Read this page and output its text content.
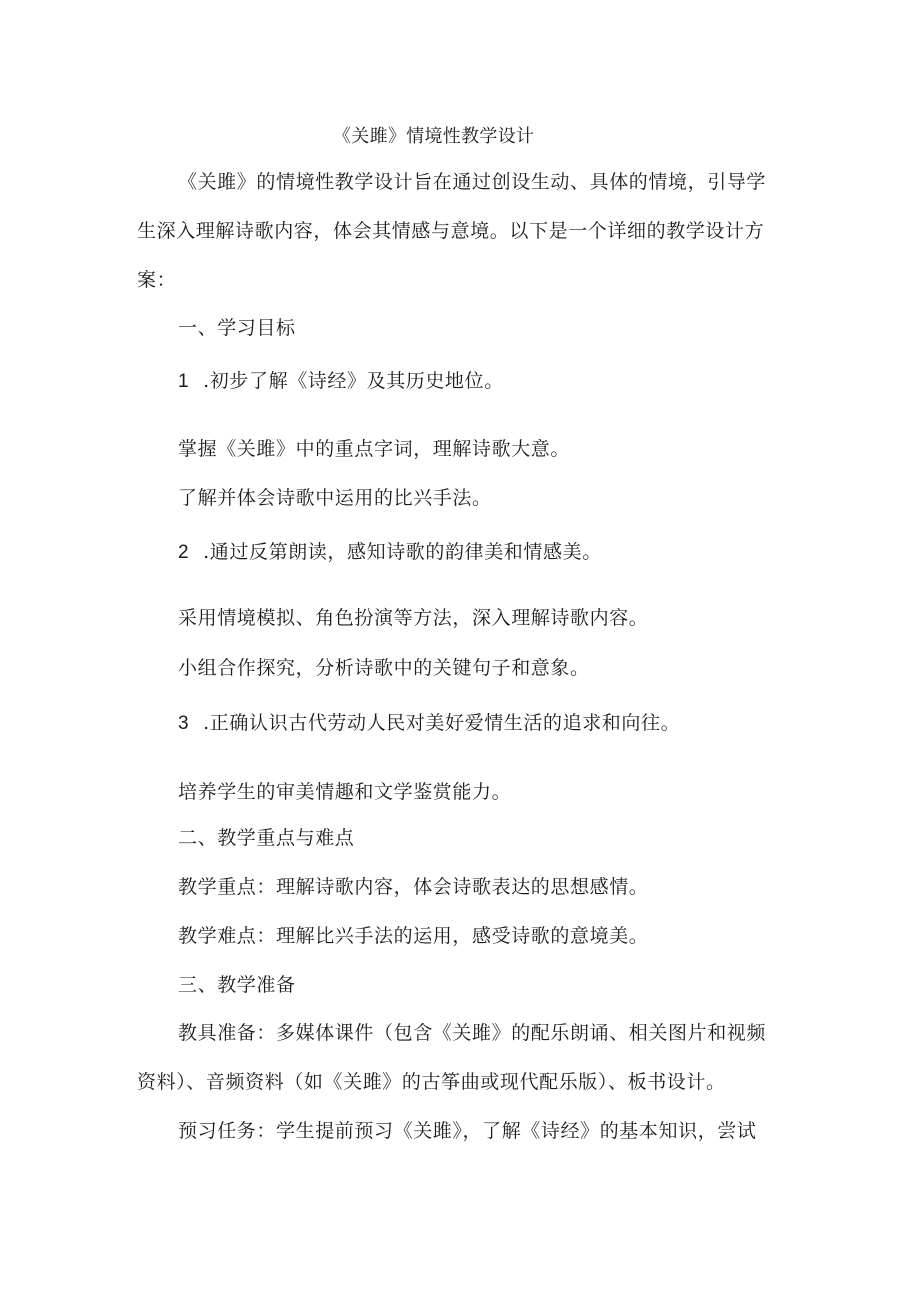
《关雎》情境性教学设计
《关雎》的情境性教学设计旨在通过创设生动、具体的情境，引导学
生深入理解诗歌内容，体会其情感与意境。以下是一个详细的教学设计方
案：
一、学习目标
1 .初步了解《诗经》及其历史地位。
掌握《关雎》中的重点字词，理解诗歌大意。
了解并体会诗歌中运用的比兴手法。
2 .通过反第朗读，感知诗歌的韵律美和情感美。
采用情境模拟、角色扮演等方法，深入理解诗歌内容。
小组合作探究，分析诗歌中的关键句子和意象。
3 .正确认识古代劳动人民对美好爱情生活的追求和向往。
培养学生的审美情趣和文学鉴赏能力。
二、教学重点与难点
教学重点：理解诗歌内容，体会诗歌表达的思想感情。
教学难点：理解比兴手法的运用，感受诗歌的意境美。
三、教学准备
教具准备：多媒体课件（包含《关雎》的配乐朗诵、相关图片和视频
资料）、音频资料（如《关雎》的古筝曲或现代配乐版）、板书设计。
预习任务：学生提前预习《关雎》，了解《诗经》的基本知识，尝试
